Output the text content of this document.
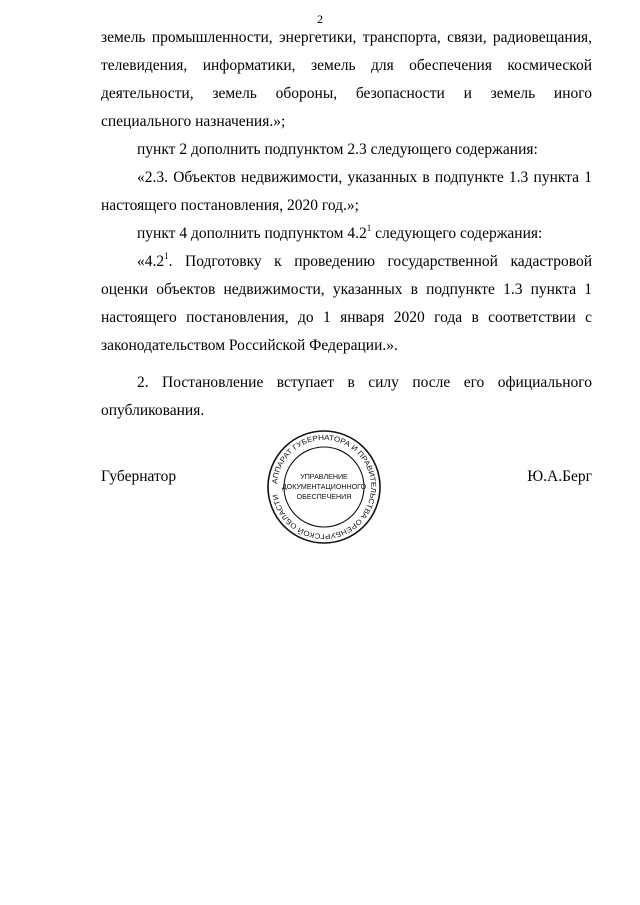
2

земель промышленности, энергетики, транспорта, связи, радиовещания, телевидения, информатики, земель для обеспечения космической деятельности, земель обороны, безопасности и земель иного специального назначения.»;

пункт 2 дополнить подпунктом 2.3 следующего содержания:

«2.3. Объектов недвижимости, указанных в подпункте 1.3 пункта 1 настоящего постановления, 2020 год.»;

пункт 4 дополнить подпунктом $4.2^1$ следующего содержания:

«$4.2^1$. Подготовку к проведению государственной кадастровой оценки объектов недвижимости, указанных в подпункте 1.3 пункта 1 настоящего постановления, до 1 января 2020 года в соответствии с законодательством Российской Федерации.».

2. Постановление вступает в силу после его официального опубликования.

Губернатор	Ю.А.Берг
АППАРАТ ГУБЕРНАТОРА И ПРАВИТЕЛЬСТВА ОРЕНБУРГСКОЙ ОБЛАСТИ
УПРАВЛЕНИЕ
ДОКУМЕНТАЦИОННОГО
ОБЕСПЕЧЕНИЯ
